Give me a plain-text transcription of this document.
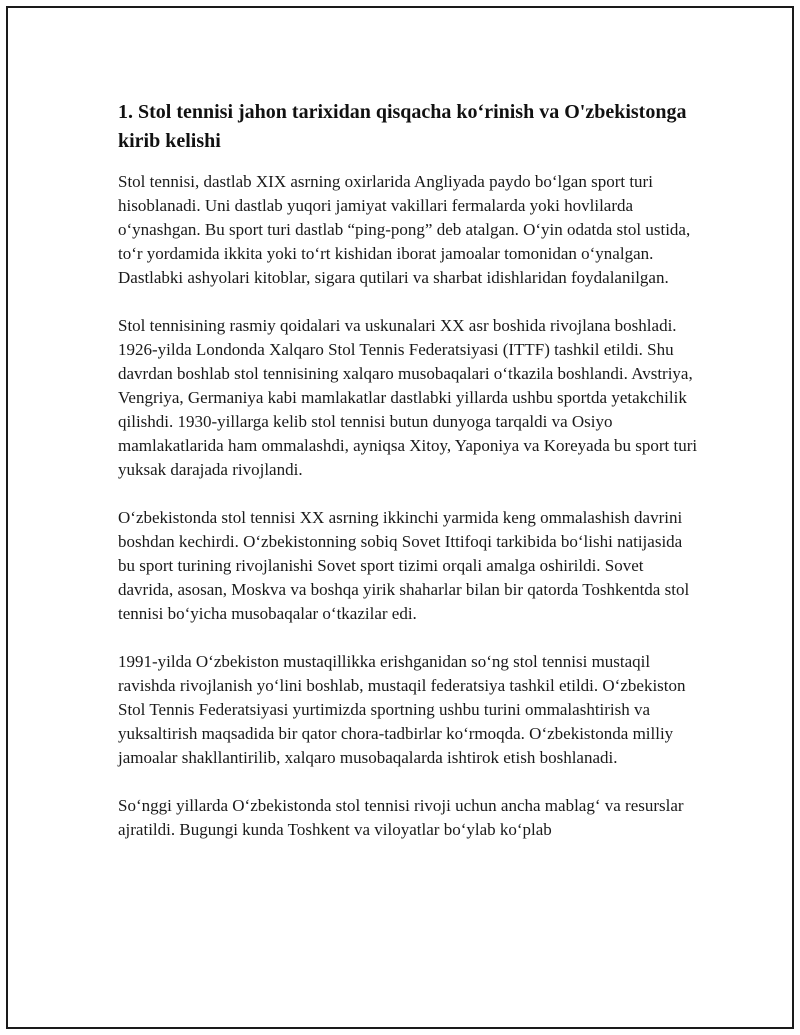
1. Stol tennisi jahon tarixidan qisqacha koʻrinish va O'zbekistonga kirib kelishi

Stol tennisi, dastlab XIX asrning oxirlarida Angliyada paydo boʻlgan sport turi hisoblanadi. Uni dastlab yuqori jamiyat vakillari fermalarda yoki hovlilarda oʻynashgan. Bu sport turi dastlab “ping-pong” deb atalgan. Oʻyin odatda stol ustida, toʻr yordamida ikkita yoki toʻrt kishidan iborat jamoalar tomonidan oʻynalgan. Dastlabki ashyolari kitoblar, sigara qutilari va sharbat idishlaridan foydalanilgan.

Stol tennisining rasmiy qoidalari va uskunalari XX asr boshida rivojlana boshladi. 1926-yilda Londonda Xalqaro Stol Tennis Federatsiyasi (ITTF) tashkil etildi. Shu davrdan boshlab stol tennisining xalqaro musobaqalari oʻtkazila boshlandi. Avstriya, Vengriya, Germaniya kabi mamlakatlar dastlabki yillarda ushbu sportda yetakchilik qilishdi. 1930-yillarga kelib stol tennisi butun dunyoga tarqaldi va Osiyo mamlakatlarida ham ommalashdi, ayniqsa Xitoy, Yaponiya va Koreyada bu sport turi yuksak darajada rivojlandi.

Oʻzbekistonda stol tennisi XX asrning ikkinchi yarmida keng ommalashish davrini boshdan kechirdi. Oʻzbekistonning sobiq Sovet Ittifoqi tarkibida boʻlishi natijasida bu sport turining rivojlanishi Sovet sport tizimi orqali amalga oshirildi. Sovet davrida, asosan, Moskva va boshqa yirik shaharlar bilan bir qatorda Toshkentda stol tennisi boʻyicha musobaqalar oʻtkazilar edi.

1991-yilda Oʻzbekiston mustaqillikka erishganidan soʻng stol tennisi mustaqil ravishda rivojlanish yoʻlini boshlab, mustaqil federatsiya tashkil etildi. Oʻzbekiston Stol Tennis Federatsiyasi yurtimizda sportning ushbu turini ommalashtirish va yuksaltirish maqsadida bir qator chora-tadbirlar koʻrmoqda. Oʻzbekistonda milliy jamoalar shakllantirilib, xalqaro musobaqalarda ishtirok etish boshlanadi.

Soʻnggi yillarda Oʻzbekistonda stol tennisi rivoji uchun ancha mablagʻ va resurslar ajratildi. Bugungi kunda Toshkent va viloyatlar boʻylab koʻplab
